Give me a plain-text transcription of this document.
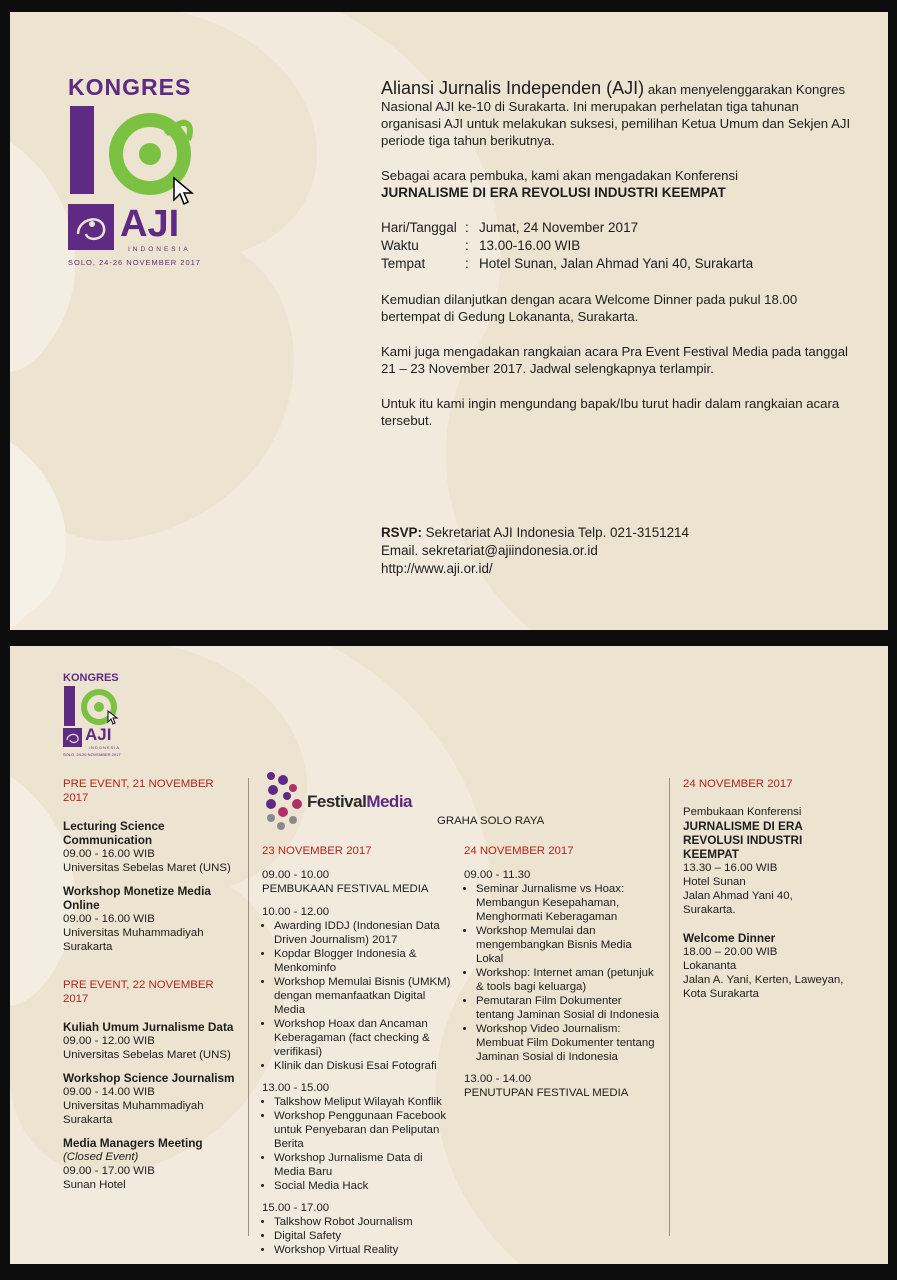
KONGRES
AJI
INDONESIA
SOLO, 24-26 NOVEMBER 2017

Aliansi Jurnalis Independen (AJI) akan menyelenggarakan Kongres Nasional AJI ke-10 di Surakarta. Ini merupakan perhelatan tiga tahunan organisasi AJI untuk melakukan suksesi, pemilihan Ketua Umum dan Sekjen AJI periode tiga tahun berikutnya.

Sebagai acara pembuka, kami akan mengadakan Konferensi
JURNALISME DI ERA REVOLUSI INDUSTRI KEEMPAT

Hari/Tanggal : Jumat, 24 November 2017
Waktu	: 13.00-16.00 WIB
Tempat	: Hotel Sunan, Jalan Ahmad Yani 40, Surakarta

Kemudian dilanjutkan dengan acara Welcome Dinner pada pukul 18.00 bertempat di Gedung Lokananta, Surakarta.

Kami juga mengadakan rangkaian acara Pra Event Festival Media pada tanggal 21 – 23 November 2017. Jadwal selengkapnya terlampir.

Untuk itu kami ingin mengundang bapak/Ibu turut hadir dalam rangkaian acara tersebut.

RSVP: Sekretariat AJI Indonesia Telp. 021-3151214
Email. sekretariat@ajiindonesia.or.id
http://www.aji.or.id/
KONGRES
AJI
INDONESIA
SOLO, 24-26 NOVEMBER 2017
PRE EVENT, 21 NOVEMBER 2017
Lecturing Science Communication
09.00 - 16.00 WIB
Universitas Sebelas Maret (UNS)
Workshop Monetize Media Online
09.00 - 16.00 WIB
Universitas Muhammadiyah Surakarta
PRE EVENT, 22 NOVEMBER 2017
Kuliah Umum Jurnalisme Data
09.00 - 12.00 WIB
Universitas Sebelas Maret (UNS)
Workshop Science Journalism
09.00 - 14.00 WIB
Universitas Muhammadiyah Surakarta
Media Managers Meeting
(Closed Event)
09.00 - 17.00 WIB
Sunan Hotel
FestivalMedia
GRAHA SOLO RAYA
23 NOVEMBER 2017
09.00 - 10.00
PEMBUKAAN FESTIVAL MEDIA
10.00 - 12.00
• Awarding IDDJ (Indonesian Data Driven Journalism) 2017
• Kopdar Blogger Indonesia & Menkominfo
• Workshop Memulai Bisnis (UMKM) dengan memanfaatkan Digital Media
• Workshop Hoax dan Ancaman Keberagaman (fact checking & verifikasi)
• Klinik dan Diskusi Esai Fotografi
13.00 - 15.00
• Talkshow Meliput Wilayah Konflik
• Workshop Penggunaan Facebook untuk Penyebaran dan Peliputan Berita
• Workshop Jurnalisme Data di Media Baru
• Social Media Hack
15.00 - 17.00
• Talkshow Robot Journalism
• Digital Safety
• Workshop Virtual Reality
24 NOVEMBER 2017
09.00 - 11.30
• Seminar Jurnalisme vs Hoax: Membangun Kesepahaman, Menghormati Keberagaman
• Workshop Memulai dan mengembangkan Bisnis Media Lokal
• Workshop: Internet aman (petunjuk & tools bagi keluarga)
• Pemutaran Film Dokumenter tentang Jaminan Sosial di Indonesia
• Workshop Video Journalism: Membuat Film Dokumenter tentang Jaminan Sosial di Indonesia
13.00 - 14.00
PENUTUPAN FESTIVAL MEDIA
24 NOVEMBER 2017
Pembukaan Konferensi
JURNALISME DI ERA REVOLUSI INDUSTRI KEEMPAT
13.30 – 16.00 WIB
Hotel Sunan
Jalan Ahmad Yani 40, Surakarta.
Welcome Dinner
18.00 – 20.00 WIB
Lokananta
Jalan A. Yani, Kerten, Laweyan, Kota Surakarta
